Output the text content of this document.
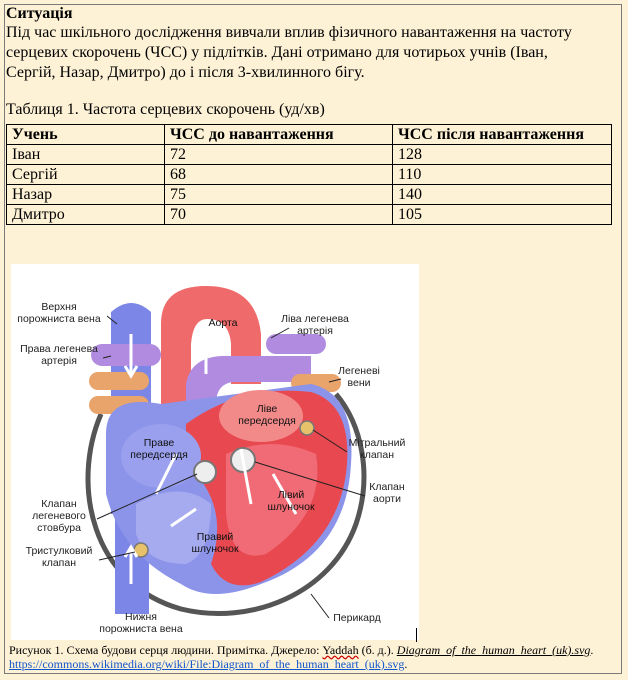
Ситуація

Під час шкільного дослідження вивчали вплив фізичного навантаження на частоту

серцевих скорочень (ЧСС) у підлітків. Дані отримано для чотирьох учнів (Іван,

Сергій, Назар, Дмитро) до і після 3-хвилинного бігу.

Таблиця 1. Частота серцевих скорочень (уд/хв)

Учень	ЧСС до навантаження	ЧСС після навантаження
Іван	72	128
Сергій	68	110
Назар	75	140
Дмитро	70	105
Верхня
порожниста вена	Аорта	Ліва легенева
артерія
Права легенева
артерія
Легеневі
вени
Ліве
передсердя
Мітральний
клапан
Праве
передсердя
Клапан
аорти
Лівий
шлуночок
Клапан
легеневого
стовбура
Правий
шлуночок
Тристулковий
клапан
Нижня
порожниста вена
Перикард
Рисунок 1. Схема будови серця людини. Примітка. Джерело: Yaddah (б. д.). Diagram_of_the_human_heart_(uk).svg.
https://commons.wikimedia.org/wiki/File:Diagram_of_the_human_heart_(uk).svg.
